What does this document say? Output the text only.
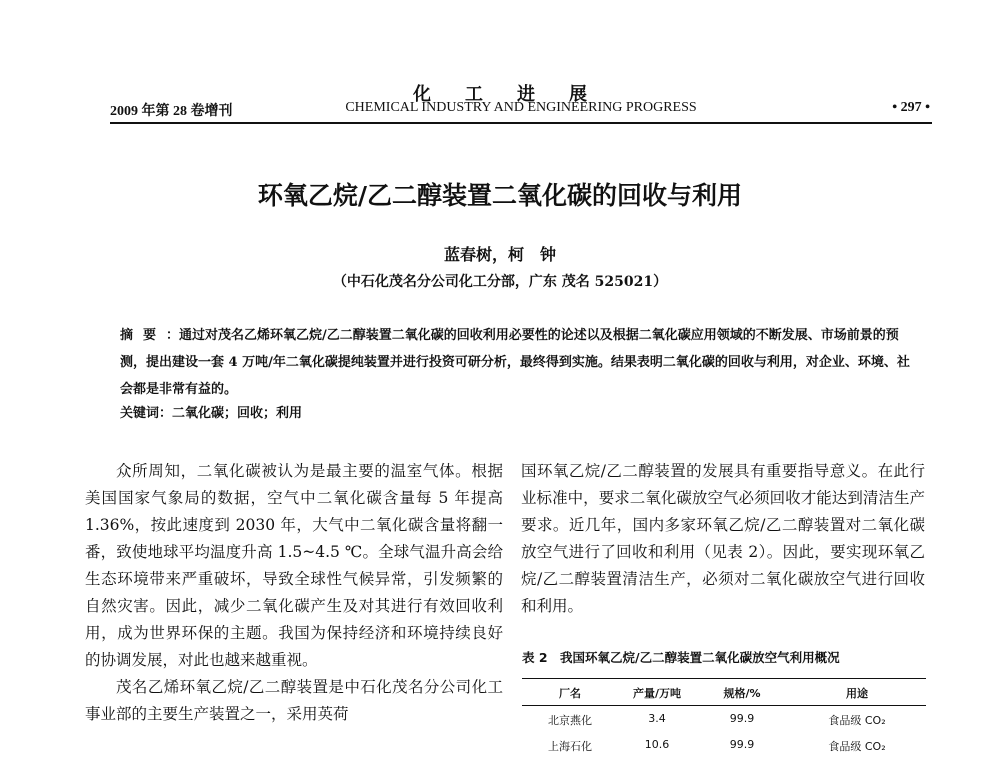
化工进展
2009 年第 28 卷增刊	CHEMICAL INDUSTRY AND ENGINEERING PROGRESS	• 297 •
环氧乙烷/乙二醇装置二氧化碳的回收与利用
蓝春树，柯　钟
（中石化茂名分公司化工分部，广东 茂名 525021）
摘要：通过对茂名乙烯环氧乙烷/乙二醇装置二氧化碳的回收利用必要性的论述以及根据二氧化碳应用领域的不断发展、市场前景的预测，提出建设一套 4 万吨/年二氧化碳提纯装置并进行投资可研分析，最终得到实施。结果表明二氧化碳的回收与利用，对企业、环境、社会都是非常有益的。
关键词：二氧化碳；回收；利用

众所周知，二氧化碳被认为是最主要的温室气体。根据美国国家气象局的数据，空气中二氧化碳含量每 5 年提高 1.36%，按此速度到 2030 年，大气中二氧化碳含量将翻一番，致使地球平均温度升高 1.5~4.5 ℃。全球气温升高会给生态环境带来严重破坏，导致全球性气候异常，引发频繁的自然灾害。因此，减少二氧化碳产生及对其进行有效回收利用，成为世界环保的主题。我国为保持经济和环境持续良好的协调发展，对此也越来越重视。

茂名乙烯环氧乙烷/乙二醇装置是中石化茂名分公司化工事业部的主要生产装置之一，采用英荷

国环氧乙烷/乙二醇装置的发展具有重要指导意义。在此行业标准中，要求二氧化碳放空气必须回收才能达到清洁生产要求。近几年，国内多家环氧乙烷/乙二醇装置对二氧化碳放空气进行了回收和利用（见表 2）。因此，要实现环氧乙烷/乙二醇装置清洁生产，必须对二氧化碳放空气进行回收和利用。

表 2　我国环氧乙烷/乙二醇装置二氧化碳放空气利用概况
厂名	产量/万吨	规格/%	用途
北京燕化	3.4	99.9	食品级 CO₂
上海石化	10.6	99.9	食品级 CO₂
